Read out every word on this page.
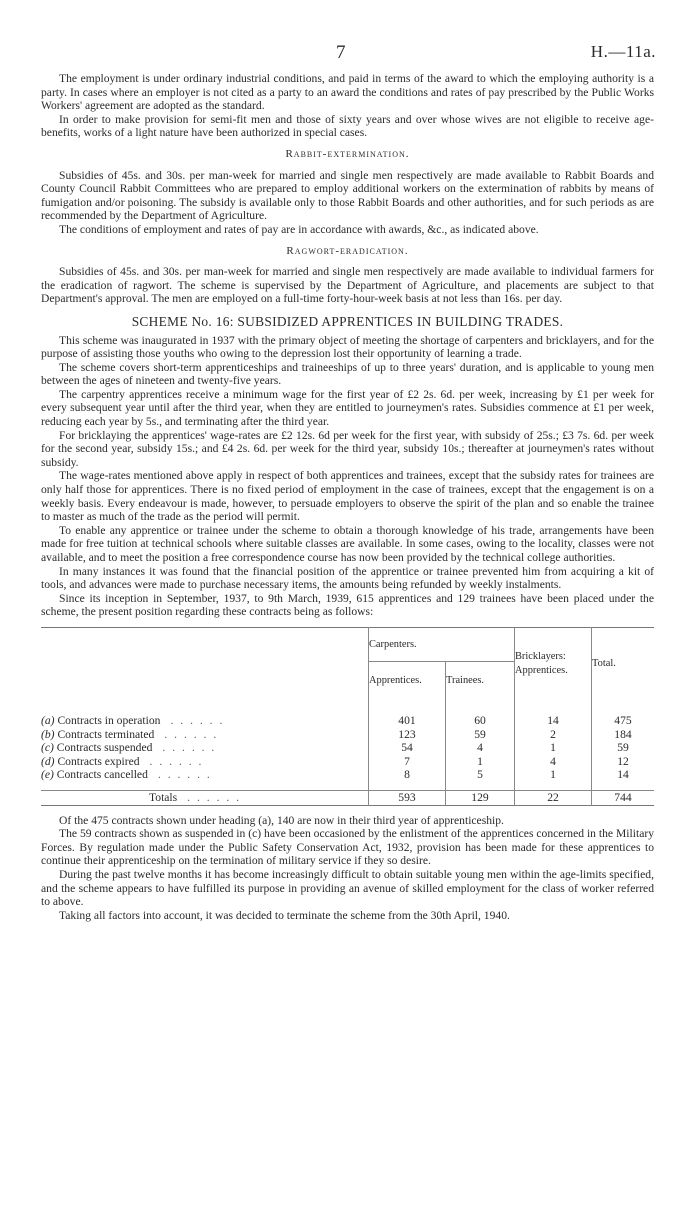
7	H.—11a.

The employment is under ordinary industrial conditions, and paid in terms of the award to which the employing authority is a party. In cases where an employer is not cited as a party to an award the conditions and rates of pay prescribed by the Public Works Workers' agreement are adopted as the standard.

In order to make provision for semi-fit men and those of sixty years and over whose wives are not eligible to receive age-benefits, works of a light nature have been authorized in special cases.

Rabbit-extermination.

Subsidies of 45s. and 30s. per man-week for married and single men respectively are made available to Rabbit Boards and County Council Rabbit Committees who are prepared to employ additional workers on the extermination of rabbits by means of fumigation and/or poisoning. The subsidy is available only to those Rabbit Boards and other authorities, and for such periods as are recommended by the Department of Agriculture.

The conditions of employment and rates of pay are in accordance with awards, &c., as indicated above.

Ragwort-eradication.

Subsidies of 45s. and 30s. per man-week for married and single men respectively are made available to individual farmers for the eradication of ragwort. The scheme is supervised by the Department of Agriculture, and placements are subject to that Department's approval. The men are employed on a full-time forty-hour-week basis at not less than 16s. per day.

SCHEME No. 16: SUBSIDIZED APPRENTICES IN BUILDING TRADES.

This scheme was inaugurated in 1937 with the primary object of meeting the shortage of carpenters and bricklayers, and for the purpose of assisting those youths who owing to the depression lost their opportunity of learning a trade.

The scheme covers short-term apprenticeships and traineeships of up to three years' duration, and is applicable to young men between the ages of nineteen and twenty-five years.

The carpentry apprentices receive a minimum wage for the first year of £2 2s. 6d. per week, increasing by £1 per week for every subsequent year until after the third year, when they are entitled to journeymen's rates. Subsidies commence at £1 per week, reducing each year by 5s., and terminating after the third year.

For bricklaying the apprentices' wage-rates are £2 12s. 6d per week for the first year, with subsidy of 25s.; £3 7s. 6d. per week for the second year, subsidy 15s.; and £4 2s. 6d. per week for the third year, subsidy 10s.; thereafter at journeymen's rates without subsidy.

The wage-rates mentioned above apply in respect of both apprentices and trainees, except that the subsidy rates for trainees are only half those for apprentices. There is no fixed period of employment in the case of trainees, except that the engagement is on a weekly basis. Every endeavour is made, however, to persuade employers to observe the spirit of the plan and so enable the trainee to master as much of the trade as the period will permit.

To enable any apprentice or trainee under the scheme to obtain a thorough knowledge of his trade, arrangements have been made for free tuition at technical schools where suitable classes are available. In some cases, owing to the locality, classes were not available, and to meet the position a free correspondence course has now been provided by the technical college authorities.

In many instances it was found that the financial position of the apprentice or trainee prevented him from acquiring a kit of tools, and advances were made to purchase necessary items, the amounts being refunded by weekly instalments.

Since its inception in September, 1937, to 9th March, 1939, 615 apprentices and 129 trainees have been placed under the scheme, the present position regarding these contracts being as follows:

	Carpenters.		Bricklayers: Apprentices.	Total.
	Apprentices.	Trainees.		

(a) Contracts in operation . . . . . .	401	60	14	475
(b) Contracts terminated . . . . . .	123	59	2	184
(c) Contracts suspended . . . . . .	54	4	1	59
(d) Contracts expired . . . . . .	7	1	4	12
(e) Contracts cancelled . . . . . .	8	5	1	14

Totals . . . . . .	593	129	22	744

Of the 475 contracts shown under heading (a), 140 are now in their third year of apprenticeship.

The 59 contracts shown as suspended in (c) have been occasioned by the enlistment of the apprentices concerned in the Military Forces. By regulation made under the Public Safety Conservation Act, 1932, provision has been made for these apprentices to continue their apprenticeship on the termination of military service if they so desire.

During the past twelve months it has become increasingly difficult to obtain suitable young men within the age-limits specified, and the scheme appears to have fulfilled its purpose in providing an avenue of skilled employment for the class of worker referred to above.

Taking all factors into account, it was decided to terminate the scheme from the 30th April, 1940.
